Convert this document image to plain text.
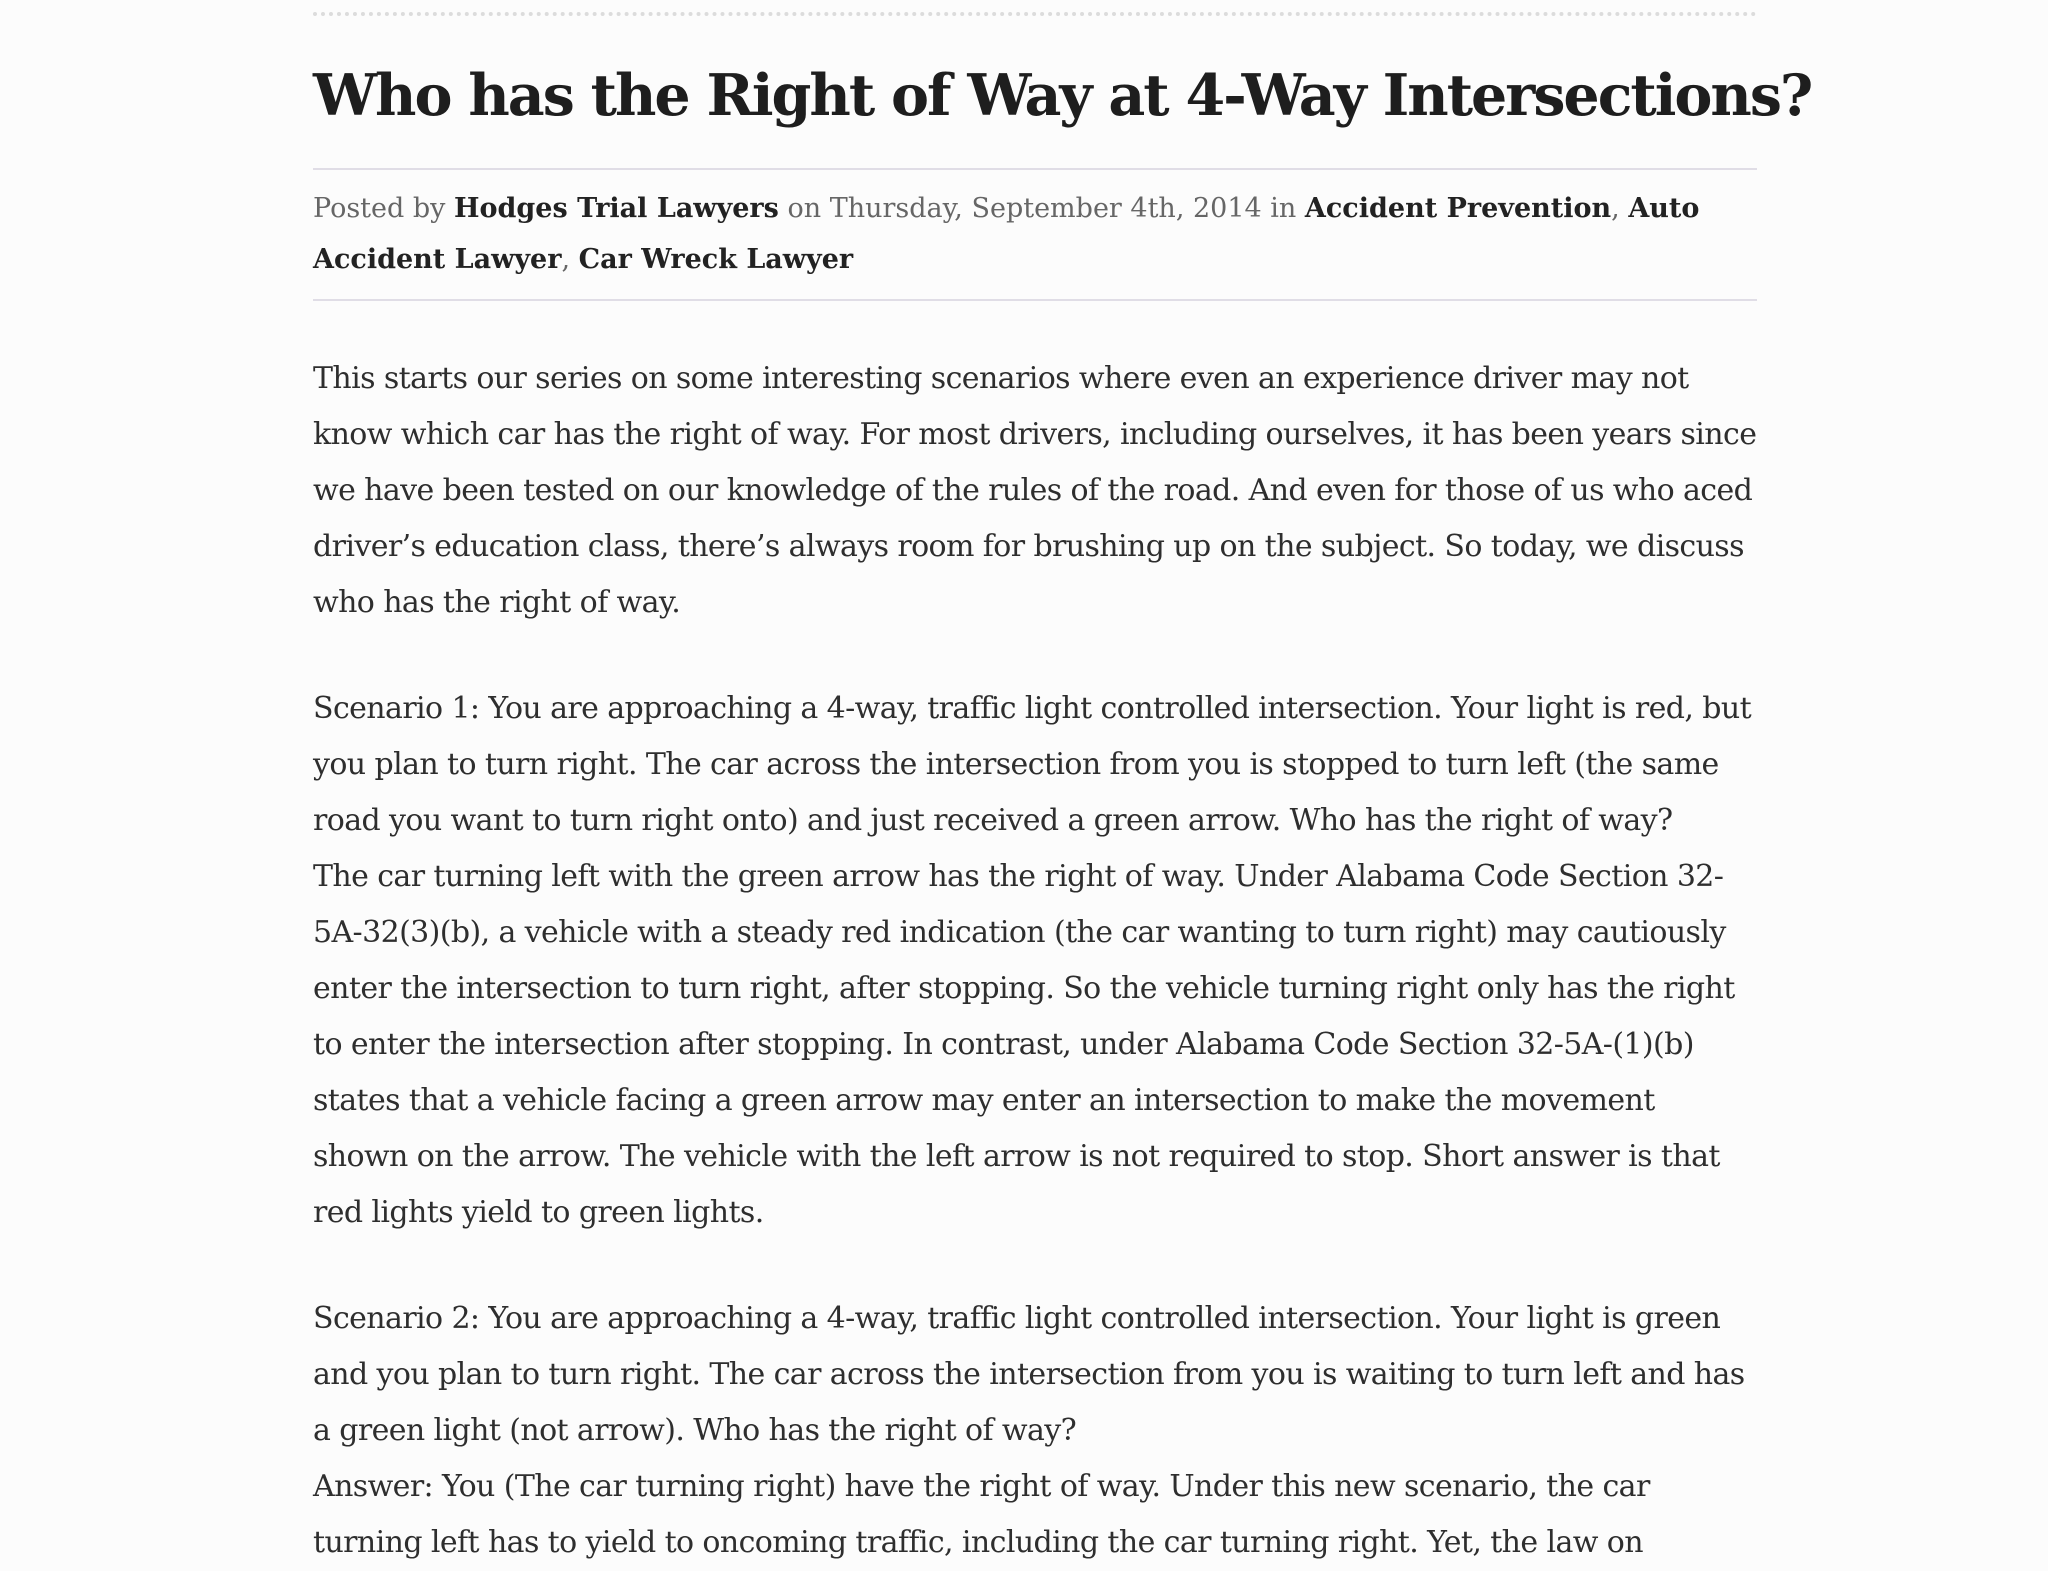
Who has the Right of Way at 4-Way Intersections?
Posted by Hodges Trial Lawyers on Thursday, September 4th, 2014 in Accident Prevention, Auto Accident Lawyer, Car Wreck Lawyer

This starts our series on some interesting scenarios where even an experience driver may not know which car has the right of way. For most drivers, including ourselves, it has been years since we have been tested on our knowledge of the rules of the road. And even for those of us who aced driver’s education class, there’s always room for brushing up on the subject. So today, we discuss who has the right of way.

Scenario 1: You are approaching a 4-way, traffic light controlled intersection. Your light is red, but you plan to turn right. The car across the intersection from you is stopped to turn left (the same road you want to turn right onto) and just received a green arrow. Who has the right of way?The car turning left with the green arrow has the right of way. Under Alabama Code Section 32-5A-32(3)(b), a vehicle with a steady red indication (the car wanting to turn right) may cautiously enter the intersection to turn right, after stopping. So the vehicle turning right only has the right to enter the intersection after stopping. In contrast, under Alabama Code Section 32-5A-(1)(b) states that a vehicle facing a green arrow may enter an intersection to make the movement shown on the arrow. The vehicle with the left arrow is not required to stop. Short answer is that red lights yield to green lights.

Scenario 2: You are approaching a 4-way, traffic light controlled intersection. Your light is green and you plan to turn right. The car across the intersection from you is waiting to turn left and has a green light (not arrow). Who has the right of way?

Answer: You (The car turning right) have the right of way. Under this new scenario, the car turning left has to yield to oncoming traffic, including the car turning right. Yet, the law on
